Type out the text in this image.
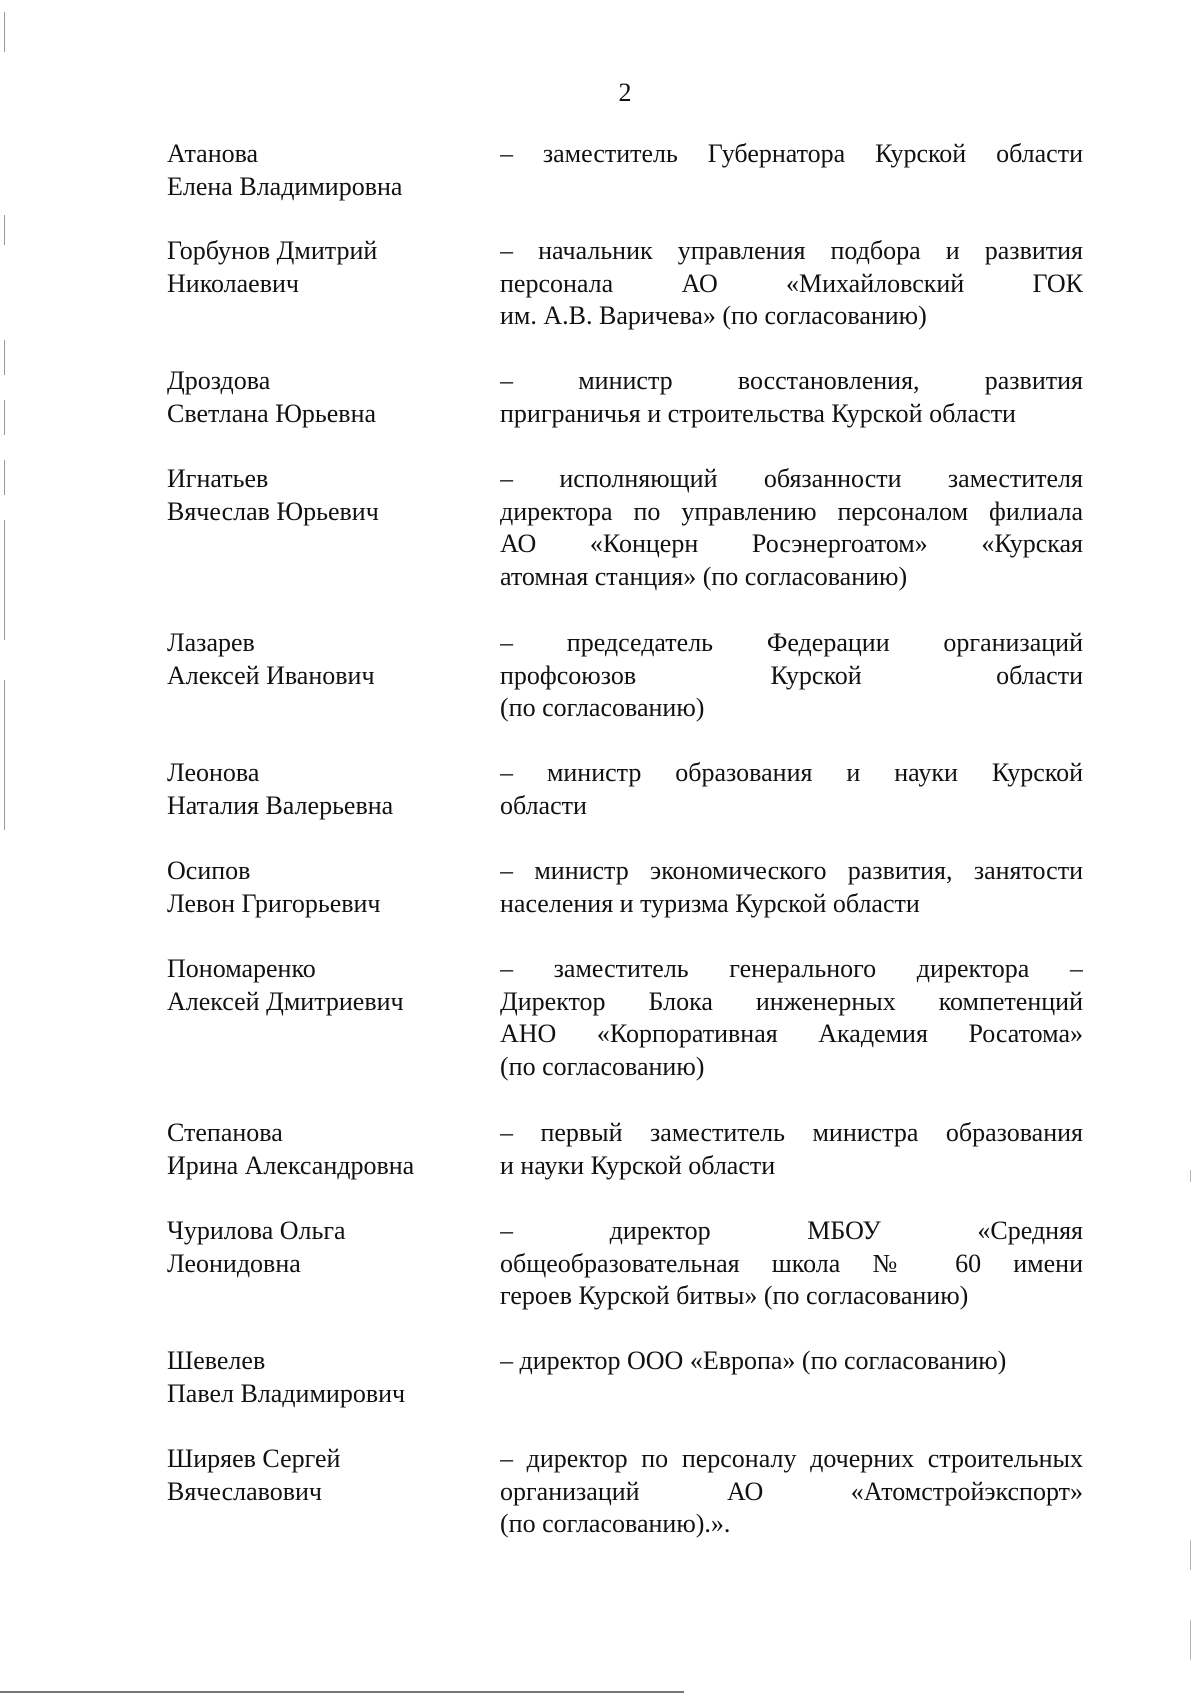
2
Атанова
Елена Владимировна
– заместитель Губернатора Курской области
Горбунов Дмитрий
Николаевич
– начальник управления подбора и развития
персонала АО «Михайловский ГОК
им. А.В. Варичева» (по согласованию)
Дроздова
Светлана Юрьевна
– министр восстановления, развития
приграничья и строительства Курской области
Игнатьев
Вячеслав Юрьевич
– исполняющий обязанности заместителя
директора по управлению персоналом филиала
АО «Концерн Росэнергоатом» «Курская
атомная станция» (по согласованию)
Лазарев
Алексей Иванович
– председатель Федерации организаций
профсоюзов Курской области
(по согласованию)
Леонова
Наталия Валерьевна
– министр образования и науки Курской
области
Осипов
Левон Григорьевич
– министр экономического развития, занятости
населения и туризма Курской области
Пономаренко
Алексей Дмитриевич
– заместитель генерального директора –
Директор Блока инженерных компетенций
АНО «Корпоративная Академия Росатома»
(по согласованию)
Степанова
Ирина Александровна
– первый заместитель министра образования
и науки Курской области
Чурилова Ольга
Леонидовна
– директор МБОУ «Средняя
общеобразовательная школа № 60 имени
героев Курской битвы» (по согласованию)
Шевелев
Павел Владимирович
– директор ООО «Европа» (по согласованию)
Ширяев Сергей
Вячеславович
– директор по персоналу дочерних строительных
организаций АО «Атомстройэкспорт»
(по согласованию).».
